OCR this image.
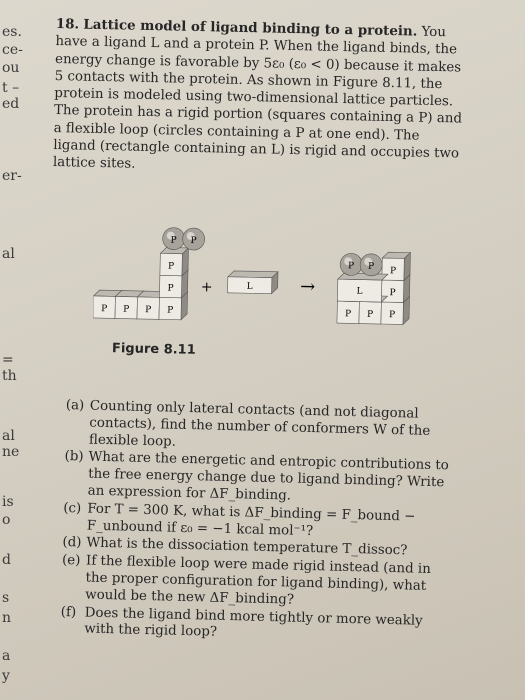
es.
ce-
ou
t –
ed
er-
al
=
th
al
ne
is
o
d
s
n
a
y
18. Lattice model of ligand binding to a protein. You have a ligand L and a protein P. When the ligand binds, the energy change is favorable by 5ε₀ (ε₀ < 0) because it makes 5 contacts with the protein. As shown in Figure 8.11, the protein is modeled using two-dimensional lattice particles. The protein has a rigid portion (squares containing a P) and a flexible loop (circles containing a P at one end). The ligand (rectangle containing an L) is rigid and occupies two lattice sites.
P P P P
P
P
P P
+	L	→
P P P
P
P
L
P P
Figure 8.11
(a) Counting only lateral contacts (and not diagonal contacts), find the number of conformers W of the flexible loop.
(b) What are the energetic and entropic contributions to the free energy change due to ligand binding? Write an expression for ΔF_binding.
(c) For T = 300 K, what is ΔF_binding = F_bound − F_unbound if ε₀ = −1 kcal mol⁻¹?
(d) What is the dissociation temperature T_dissoc?
(e) If the flexible loop were made rigid instead (and in the proper configuration for ligand binding), what would be the new ΔF_binding?
(f) Does the ligand bind more tightly or more weakly with the rigid loop?
